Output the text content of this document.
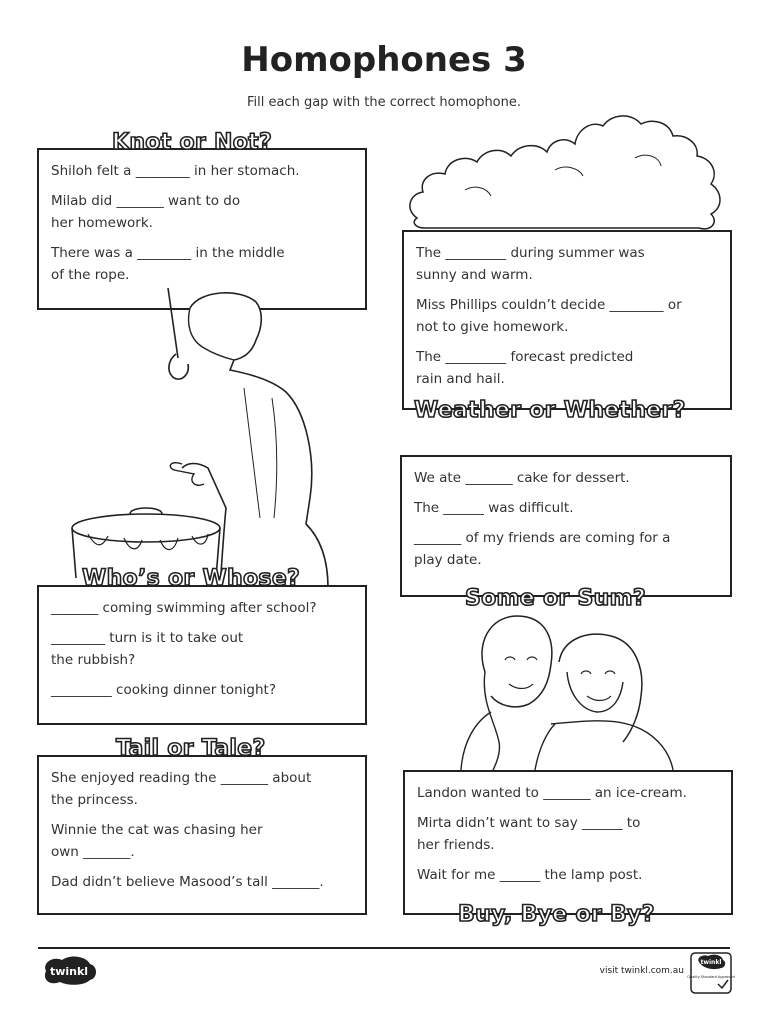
Homophones 3
Fill each gap with the correct homophone.

Shiloh felt a ________ in her stomach.

Milab did _______ want to do
her homework.

There was a ________ in the middle
of the rope.

Knot or Not?

The _________ during summer was
sunny and warm.

Miss Phillips couldn’t decide ________ or
not to give homework.

The _________ forecast predicted
rain and hail.

Weather or Whether?

_______ coming swimming after school?

________ turn is it to take out
the rubbish?

_________ cooking dinner tonight?

Who’s or Whose?

We ate _______ cake for dessert.

The ______ was difficult.

_______ of my friends are coming for a
play date.

Some or Sum?

She enjoyed reading the _______ about
the princess.

Winnie the cat was chasing her
own _______.

Dad didn’t believe Masood’s tall _______.

Tail or Tale?

Landon wanted to _______ an ice-cream.

Mirta didn’t want to say ______ to
her friends.

Wait for me ______ the lamp post.

Buy, Bye or By?
twinkl	visit twinkl.com.au
twinkl
Quality Standard Approved
